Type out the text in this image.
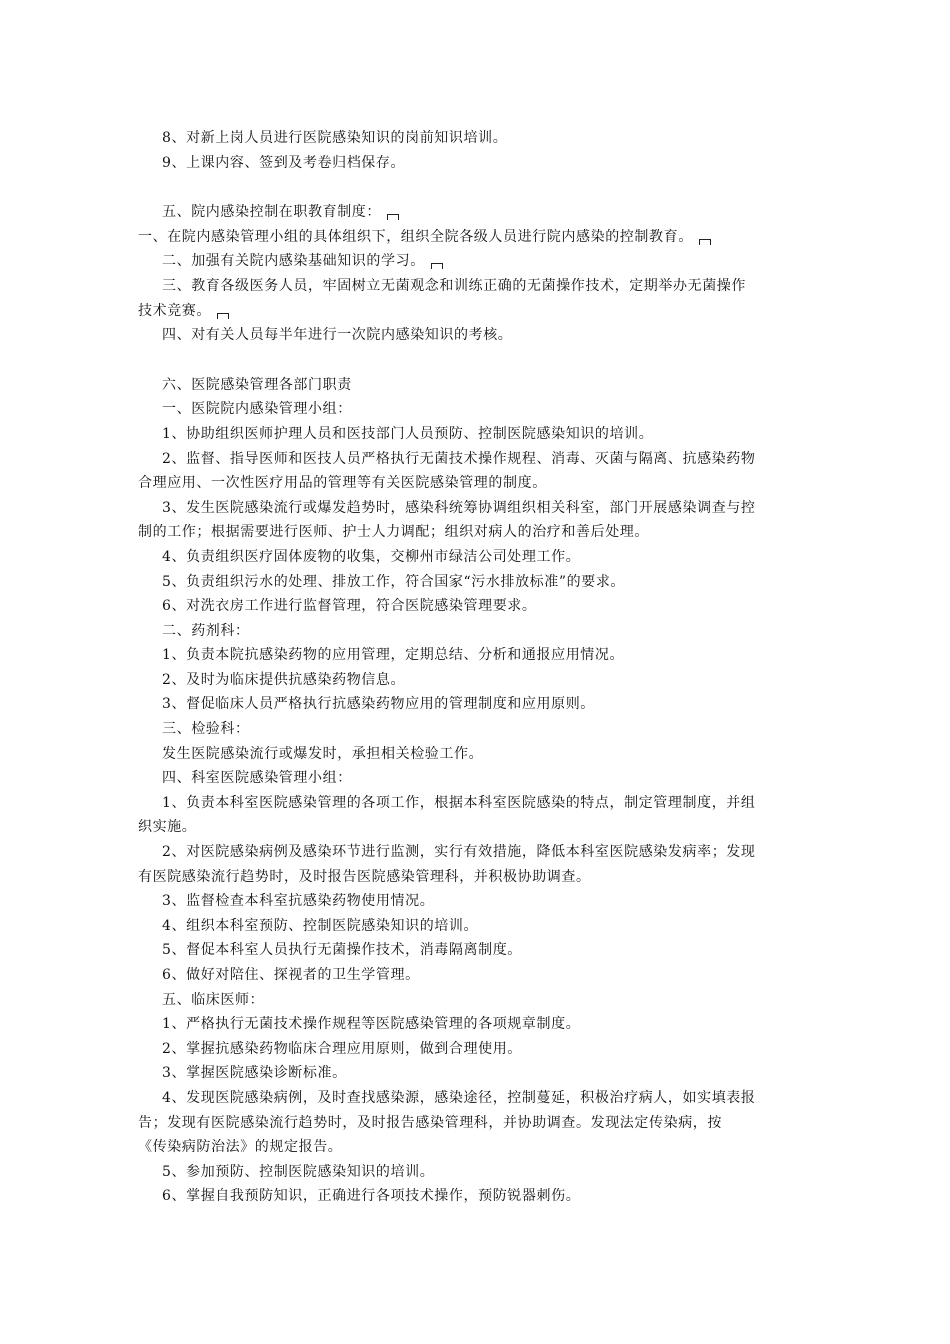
8、对新上岗人员进行医院感染知识的岗前知识培训。
9、上课内容、签到及考卷归档保存。
五、院内感染控制在职教育制度：
一、在院内感染管理小组的具体组织下，组织全院各级人员进行院内感染的控制教育。
二、加强有关院内感染基础知识的学习。
三、教育各级医务人员，牢固树立无菌观念和训练正确的无菌操作技术，定期举办无菌操作
技术竞赛。
四、对有关人员每半年进行一次院内感染知识的考核。
六、医院感染管理各部门职责
一、医院院内感染管理小组：
1、协助组织医师护理人员和医技部门人员预防、控制医院感染知识的培训。
2、监督、指导医师和医技人员严格执行无菌技术操作规程、消毒、灭菌与隔离、抗感染药物
合理应用、一次性医疗用品的管理等有关医院感染管理的制度。
3、发生医院感染流行或爆发趋势时，感染科统筹协调组织相关科室，部门开展感染调查与控
制的工作；根据需要进行医师、护士人力调配；组织对病人的治疗和善后处理。
4、负责组织医疗固体废物的收集，交柳州市绿洁公司处理工作。
5、负责组织污水的处理、排放工作，符合国家“污水排放标准”的要求。
6、对洗衣房工作进行监督管理，符合医院感染管理要求。
二、药剂科：
1、负责本院抗感染药物的应用管理，定期总结、分析和通报应用情况。
2、及时为临床提供抗感染药物信息。
3、督促临床人员严格执行抗感染药物应用的管理制度和应用原则。
三、检验科：
发生医院感染流行或爆发时，承担相关检验工作。
四、科室医院感染管理小组：
1、负责本科室医院感染管理的各项工作，根据本科室医院感染的特点，制定管理制度，并组
织实施。
2、对医院感染病例及感染环节进行监测，实行有效措施，降低本科室医院感染发病率；发现
有医院感染流行趋势时，及时报告医院感染管理科，并积极协助调查。
3、监督检查本科室抗感染药物使用情况。
4、组织本科室预防、控制医院感染知识的培训。
5、督促本科室人员执行无菌操作技术，消毒隔离制度。
6、做好对陪住、探视者的卫生学管理。
五、临床医师：
1、严格执行无菌技术操作规程等医院感染管理的各项规章制度。
2、掌握抗感染药物临床合理应用原则，做到合理使用。
3、掌握医院感染诊断标准。
4、发现医院感染病例，及时查找感染源，感染途径，控制蔓延，积极治疗病人，如实填表报
告；发现有医院感染流行趋势时，及时报告感染管理科，并协助调查。发现法定传染病，按
《传染病防治法》的规定报告。
5、参加预防、控制医院感染知识的培训。
6、掌握自我预防知识，正确进行各项技术操作，预防锐器刺伤。
